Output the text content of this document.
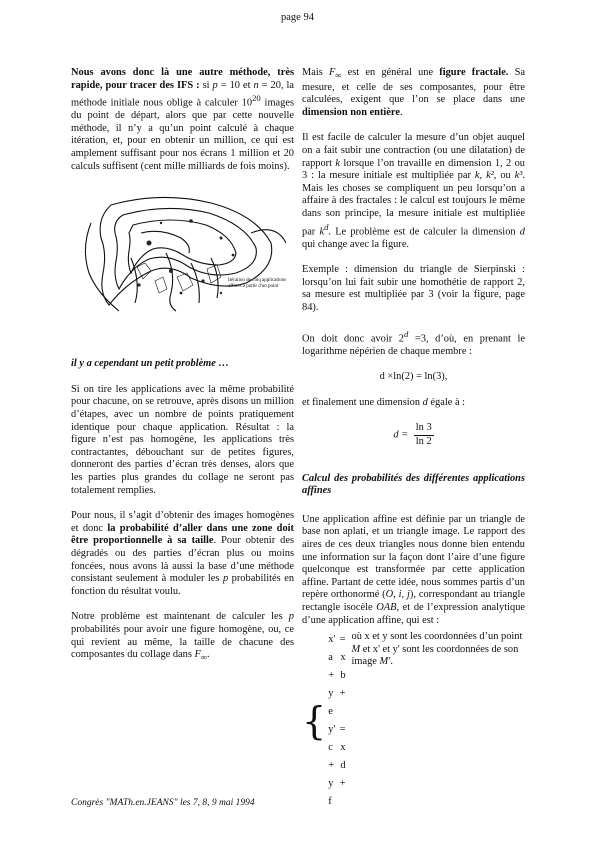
page 94

Nous avons donc là une autre méthode, très rapide, pour tracer des IFS : si p = 10 et n = 20, la méthode initiale nous oblige à calculer $10^{20}$ images du point de départ, alors que par cette nouvelle méthode, il n’y a qu’un point calculé à chaque itération, et, pour en obtenir un million, ce qui est amplement suffisant pour nos écrans 1 million et 20 calculs suffisent (cent mille milliards de fois moins).

Itération de cinq applications affines à partir d'un point

il y a cependant un petit problème …

Si on tire les applications avec la même probabilité pour chacune, on se retrouve, après disons un million d’étapes, avec un nombre de points pratiquement identique pour chaque application. Résultat : la figure n’est pas homogène, les applications très contractantes, débouchant sur de petites figures, donneront des parties d’écran très denses, alors que les parties plus grandes du collage ne seront pas totalement remplies.

Pour nous, il s’agit d’obtenir des images homogènes et donc la probabilité d’aller dans une zone doit être proportionnelle à sa taille. Pour obtenir des dégradés ou des parties d’écran plus ou moins foncées, nous avons là aussi la base d’une méthode consistant seulement à moduler les p probabilités en fonction du résultat voulu.

Notre problème est maintenant de calculer les p probabilités pour avoir une figure homogène, ou, ce qui revient au même, la taille de chacune des composantes du collage dans $F_\infty$.

Mais $F_\infty$ est en général une figure fractale. Sa mesure, et celle de ses composantes, pour être calculées, exigent que l’on se place dans une dimension non entière.

Il est facile de calculer la mesure d’un objet auquel on a fait subir une contraction (ou une dilatation) de rapport k lorsque l’on travaille en dimension 1, 2 ou 3 : la mesure initiale est multipliée par k, k², ou k³. Mais les choses se compliquent un peu lorsqu’on a affaire à des fractales : le calcul est toujours le même dans son principe, la mesure initiale est multipliée par $k^d$. Le problème est de calculer la dimension d qui change avec la figure.

Exemple : dimension du triangle de Sierpinski : lorsqu’on lui fait subir une homothétie de rapport 2, sa mesure est multipliée par 3 (voir la figure, page 84).

On doit donc avoir $2^d =3$, d’où, en prenant le logarithme népérien de chaque membre :

d ×ln(2) = ln(3),

et finalement une dimension d égale à :

$d = \frac{\ln 3}{\ln 2}$

Calcul des probabilités des différentes applications affines

Une application affine est définie par un triangle de base non aplati, et un triangle image. Le rapport des aires de ces deux triangles nous donne bien entendu une information sur la façon dont l’aire d’une figure quelconque est transformée par cette application affine. Partant de cette idée, nous sommes partis d’un repère orthonormé (O, i, j), correspondant au triangle rectangle isocèle OAB, et de l’expression analytique d’une application affine, qui est :

{
x' = a x + b y + e
y' = c x + d y + f
où x et y sont les coordonnées d’un point M et x' et y' sont les coordonnées de son image M'.
Congrès "MATh.en.JEANS" les 7, 8, 9 mai 1994
